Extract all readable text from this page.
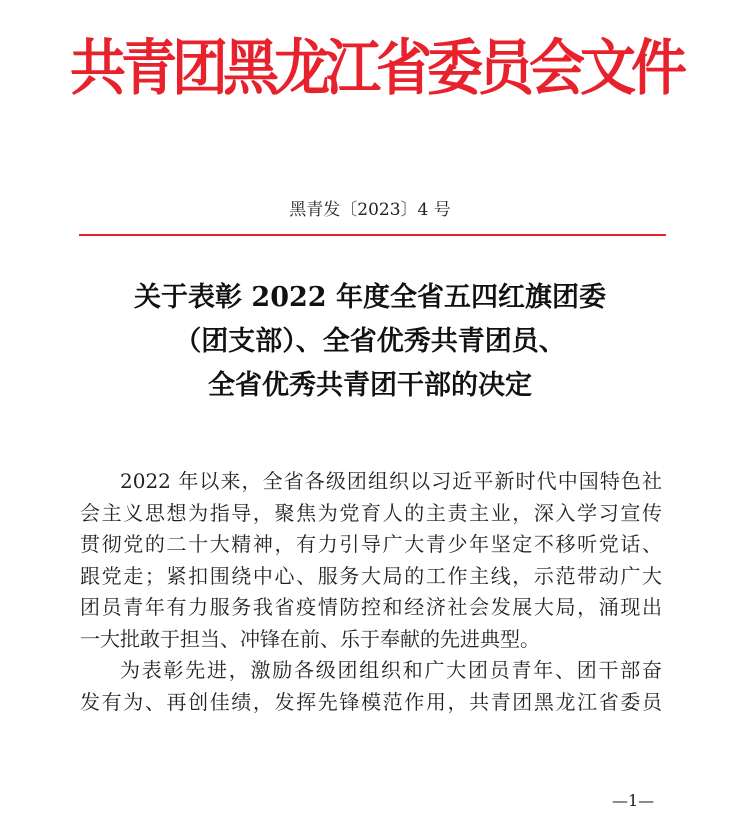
共青团黑龙江省委员会文件
黑青发〔2023〕4 号
关于表彰 2022 年度全省五四红旗团委
（团支部）、全省优秀共青团员、
全省优秀共青团干部的决定
2022 年以来，全省各级团组织以习近平新时代中国特色社
会主义思想为指导，聚焦为党育人的主责主业，深入学习宣传
贯彻党的二十大精神，有力引导广大青少年坚定不移听党话、
跟党走；紧扣围绕中心、服务大局的工作主线，示范带动广大
团员青年有力服务我省疫情防控和经济社会发展大局，涌现出
一大批敢于担当、冲锋在前、乐于奉献的先进典型。
为表彰先进，激励各级团组织和广大团员青年、团干部奋
发有为、再创佳绩，发挥先锋模范作用，共青团黑龙江省委员
—1—
